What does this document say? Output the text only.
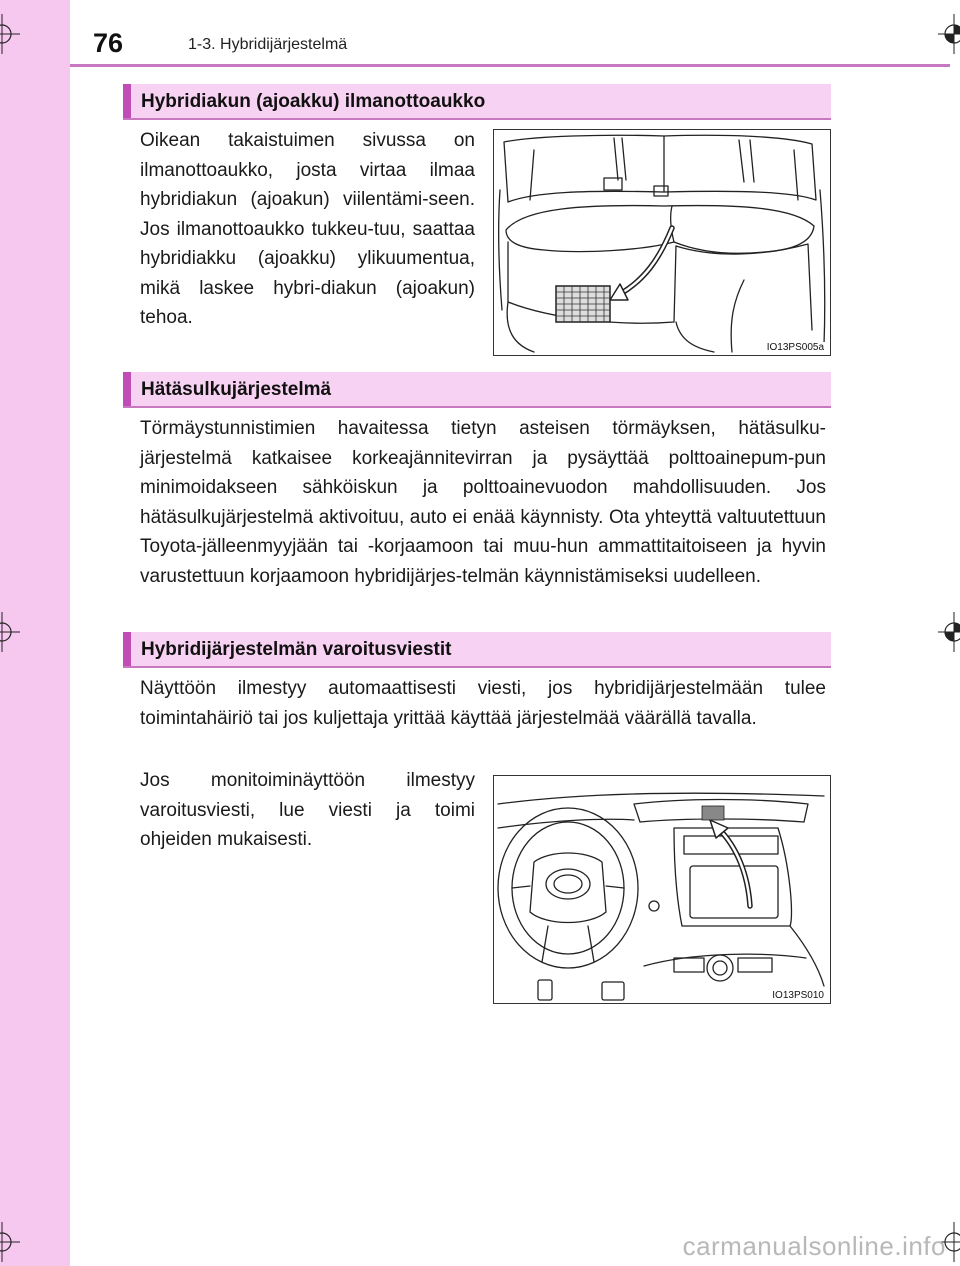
76	1-3. Hybridijärjestelmä
Hybridiakun (ajoakku) ilmanottoaukko
Oikean takaistuimen sivussa on ilmanottoaukko, josta virtaa ilmaa hybridiakun (ajoakun) viilentämi-seen. Jos ilmanottoaukko tukkeu-tuu, saattaa hybridiakku (ajoakku) ylikuumentua, mikä laskee hybri-diakun (ajoakun) tehoa.
IO13PS005a
Hätäsulkujärjestelmä
Törmäystunnistimien havaitessa tietyn asteisen törmäyksen, hätäsulku-järjestelmä katkaisee korkeajännitevirran ja pysäyttää polttoainepum-pun minimoidakseen sähköiskun ja polttoainevuodon mahdollisuuden. Jos hätäsulkujärjestelmä aktivoituu, auto ei enää käynnisty. Ota yhteyttä valtuutettuun Toyota-jälleenmyyjään tai -korjaamoon tai muu-hun ammattitaitoiseen ja hyvin varustettuun korjaamoon hybridijärjes-telmän käynnistämiseksi uudelleen.
Hybridijärjestelmän varoitusviestit
Näyttöön ilmestyy automaattisesti viesti, jos hybridijärjestelmään tulee toimintahäiriö tai jos kuljettaja yrittää käyttää järjestelmää väärällä tavalla.
Jos monitoiminäyttöön ilmestyy varoitusviesti, lue viesti ja toimi ohjeiden mukaisesti.
IO13PS010
carmanualsonline.info
